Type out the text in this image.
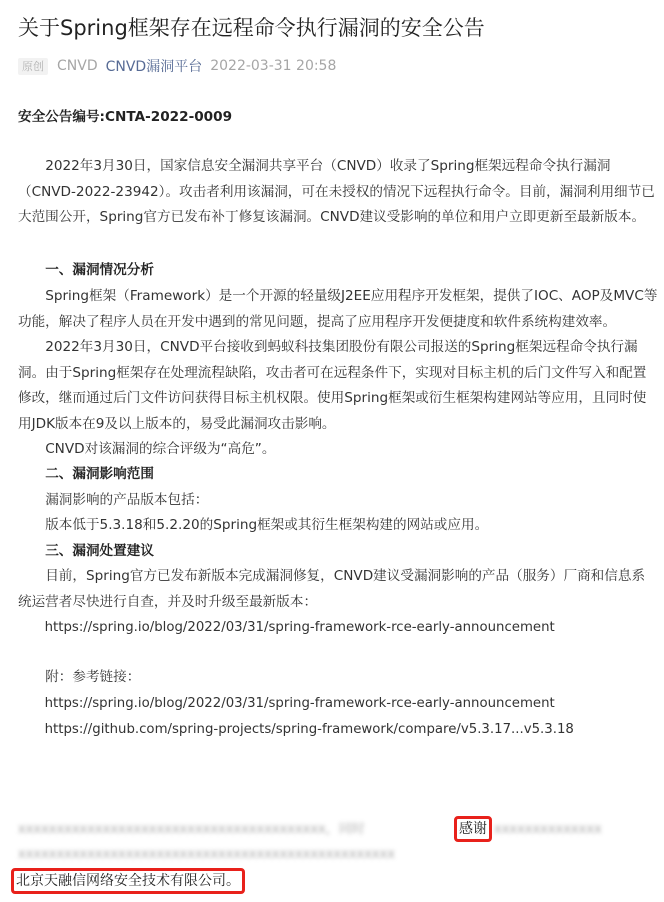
关于Spring框架存在远程命令执行漏洞的安全公告
原创 CNVD CNVD漏洞平台 2022-03-31 20:58
安全公告编号:CNTA-2022-0009
2022年3月30日，国家信息安全漏洞共享平台（CNVD）收录了Spring框架远程命令执行漏洞（CNVD-2022-23942）。攻击者利用该漏洞，可在未授权的情况下远程执行命令。目前，漏洞利用细节已大范围公开，Spring官方已发布补丁修复该漏洞。CNVD建议受影响的单位和用户立即更新至最新版本。
一、漏洞情况分析
Spring框架（Framework）是一个开源的轻量级J2EE应用程序开发框架，提供了IOC、AOP及MVC等功能，解决了程序人员在开发中遇到的常见问题，提高了应用程序开发便捷度和软件系统构建效率。
2022年3月30日，CNVD平台接收到蚂蚁科技集团股份有限公司报送的Spring框架远程命令执行漏洞。由于Spring框架存在处理流程缺陷，攻击者可在远程条件下，实现对目标主机的后门文件写入和配置修改，继而通过后门文件访问获得目标主机权限。使用Spring框架或衍生框架构建网站等应用，且同时使用JDK版本在9及以上版本的，易受此漏洞攻击影响。
CNVD对该漏洞的综合评级为“高危”。
二、漏洞影响范围
漏洞影响的产品版本包括：
版本低于5.3.18和5.2.20的Spring框架或其衍生框架构建的网站或应用。
三、漏洞处置建议
目前，Spring官方已发布新版本完成漏洞修复，CNVD建议受漏洞影响的产品（服务）厂商和信息系统运营者尽快进行自查，并及时升级至最新版本：
https://spring.io/blog/2022/03/31/spring-framework-rce-early-announcement
附：参考链接：
https://spring.io/blog/2022/03/31/spring-framework-rce-early-announcement
https://github.com/spring-projects/spring-framework/compare/v5.3.17...v5.3.18
xxxxxxxxxxxxxxxxxxxxxxxxxxxxxxxxxxxxxxxx，同时	感谢 xxxxxxxxxxxxxx
xxxxxxxxxxxxxxxxxxxxxxxxxxxxxxxxxxxxxxxxxxxxxxxxx
北京天融信网络安全技术有限公司。
